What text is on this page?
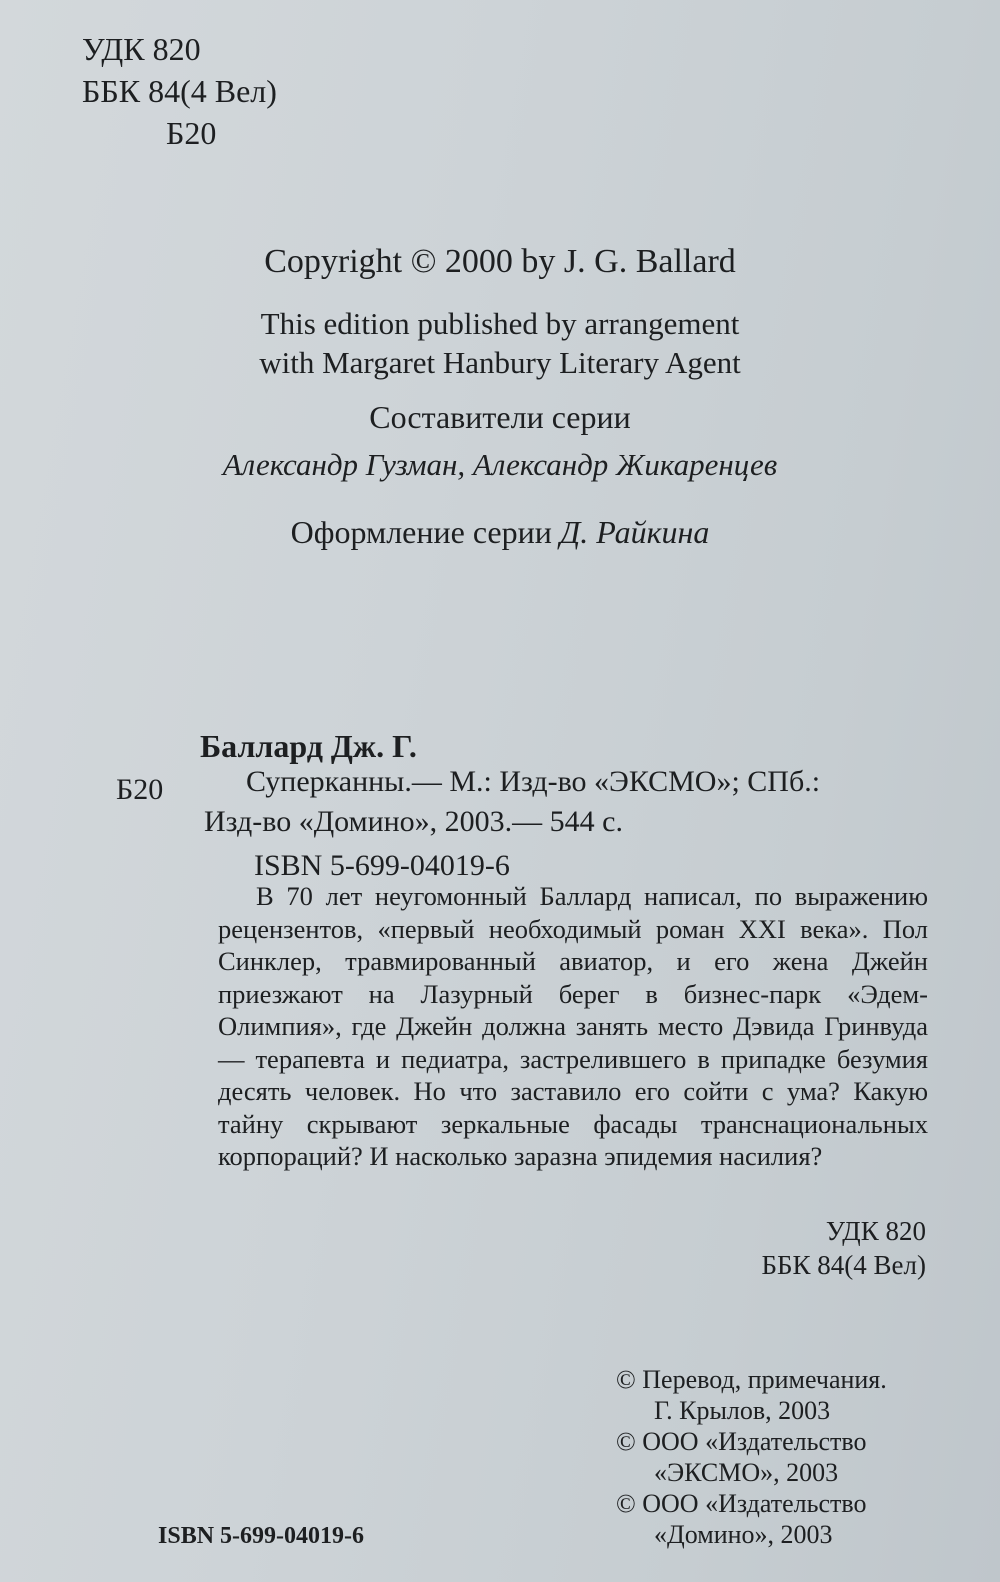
УДК 820
ББК 84(4 Вел)
Б20
Copyright © 2000 by J. G. Ballard
This edition published by arrangement
with Margaret Hanbury Literary Agent
Составители серии
Александр Гузман, Александр Жикаренцев
Оформление серии Д. Райкина
Баллард Дж. Г.
Б20	Суперканны.— М.: Изд-во «ЭКСМО»; СПб.:
Изд-во «Домино», 2003.— 544 с.
ISBN 5-699-04019-6

В 70 лет неугомонный Баллард написал, по выражению рецензентов, «первый необходимый роман XXI века». Пол Синклер, травмированный авиатор, и его жена Джейн приезжают на Лазурный берег в бизнес-парк «Эдем-Олимпия», где Джейн должна занять место Дэвида Гринвуда — терапевта и педиатра, застрелившего в припадке безумия десять человек. Но что заставило его сойти с ума? Какую тайну скрывают зеркальные фасады транснациональных корпораций? И насколько заразна эпидемия насилия?

УДК 820
ББК 84(4 Вел)
© Перевод, примечания.
Г. Крылов, 2003
© ООО «Издательство
«ЭКСМО», 2003
© ООО «Издательство
«Домино», 2003
ISBN 5-699-04019-6
